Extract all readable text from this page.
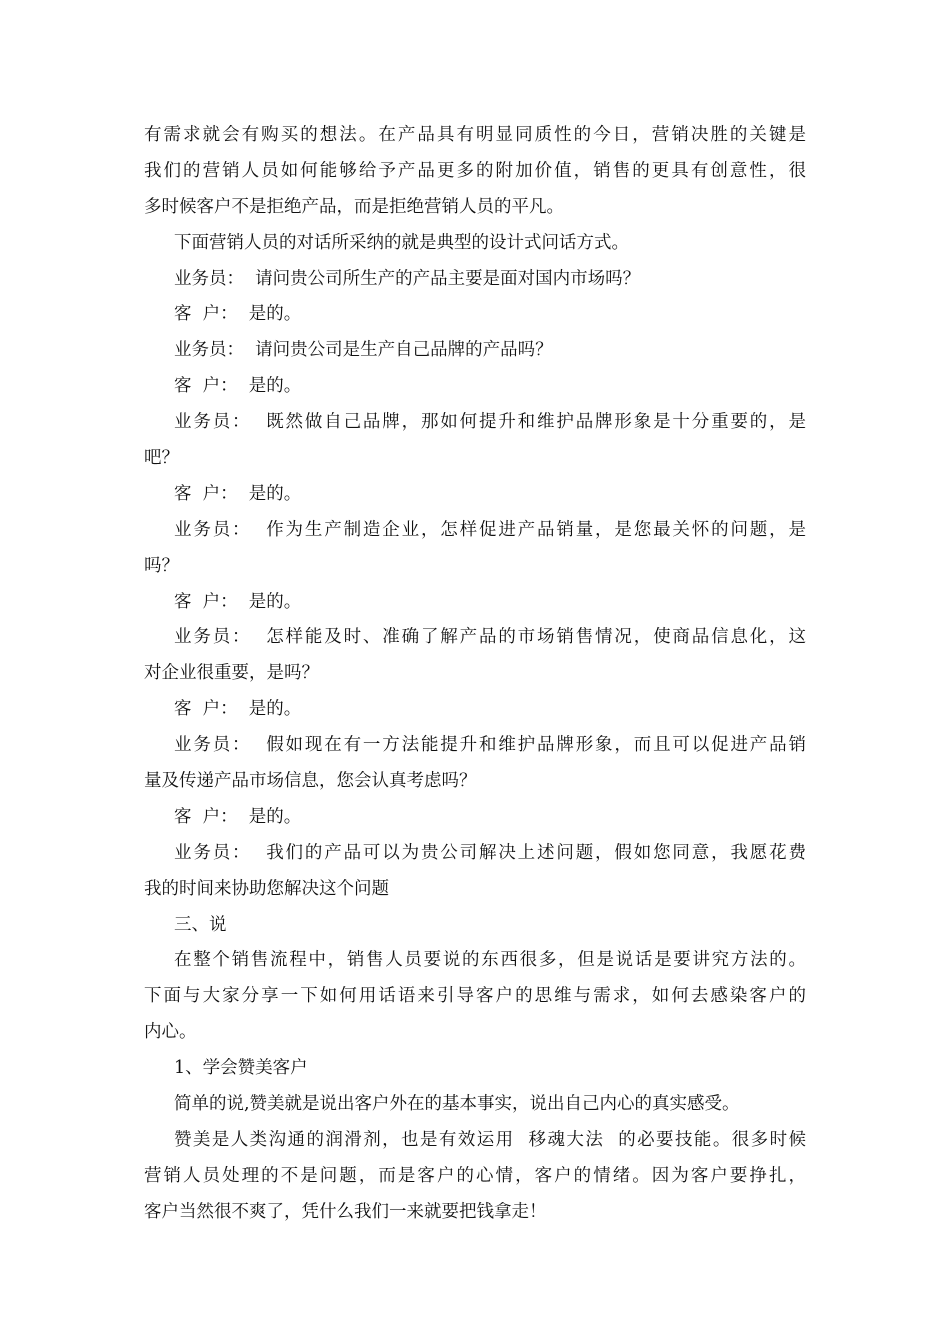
有需求就会有购买的想法。在产品具有明显同质性的今日，营销决胜的关键是
我们的营销人员如何能够给予产品更多的附加价值，销售的更具有创意性，很
多时候客户不是拒绝产品，而是拒绝营销人员的平凡。
下面营销人员的对话所采纳的就是典型的设计式问话方式。
业务员：  请问贵公司所生产的产品主要是面对国内市场吗？
客  户：  是的。
业务员：  请问贵公司是生产自己品牌的产品吗？
客  户：  是的。
业务员：  既然做自己品牌，那如何提升和维护品牌形象是十分重要的，是
吧？
客  户：  是的。
业务员：  作为生产制造企业，怎样促进产品销量，是您最关怀的问题，是
吗？
客  户：  是的。
业务员：  怎样能及时、准确了解产品的市场销售情况，使商品信息化，这
对企业很重要，是吗？
客  户：  是的。
业务员：  假如现在有一方法能提升和维护品牌形象，而且可以促进产品销
量及传递产品市场信息，您会认真考虑吗？
客  户：  是的。
业务员：  我们的产品可以为贵公司解决上述问题，假如您同意，我愿花费
我的时间来协助您解决这个问题
三、说
在整个销售流程中，销售人员要说的东西很多，但是说话是要讲究方法的。
下面与大家分享一下如何用话语来引导客户的思维与需求，如何去感染客户的
内心。
1、学会赞美客户
简单的说,赞美就是说出客户外在的基本事实，说出自己内心的真实感受。
赞美是人类沟通的润滑剂，也是有效运用  移魂大法  的必要技能。很多时候
营销人员处理的不是问题，而是客户的心情，客户的情绪。因为客户要挣扎，
客户当然很不爽了，凭什么我们一来就要把钱拿走！
